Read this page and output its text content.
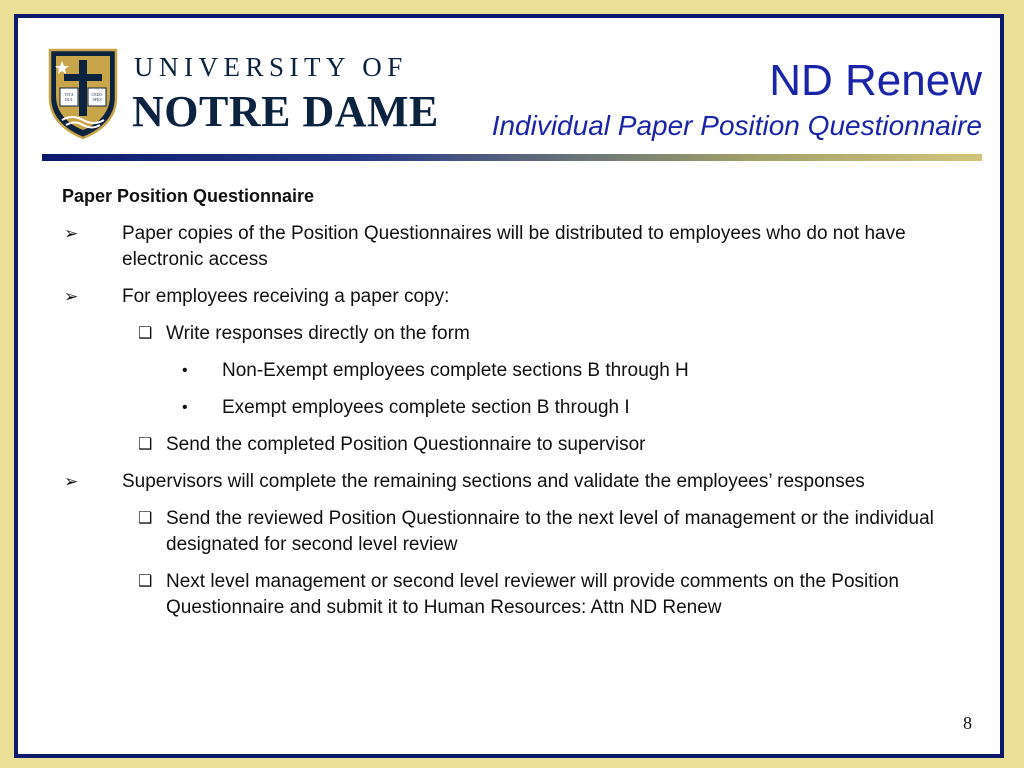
VITA DUL
CEDO SPES
UNIVERSITY OF
NOTRE DAME
ND Renew
Individual Paper Position Questionnaire
Paper Position Questionnaire
➢ Paper copies of the Position Questionnaires will be distributed to employees who do not have electronic access
➢ For employees receiving a paper copy:
❑ Write responses directly on the form
• Non-Exempt employees complete sections B through H
• Exempt employees complete section B through I
❑ Send the completed Position Questionnaire to supervisor
➢ Supervisors will complete the remaining sections and validate the employees’ responses
❑ Send the reviewed Position Questionnaire to the next level of management or the individual designated for second level review
❑ Next level management or second level reviewer will provide comments on the Position Questionnaire and submit it to Human Resources: Attn ND Renew
8
